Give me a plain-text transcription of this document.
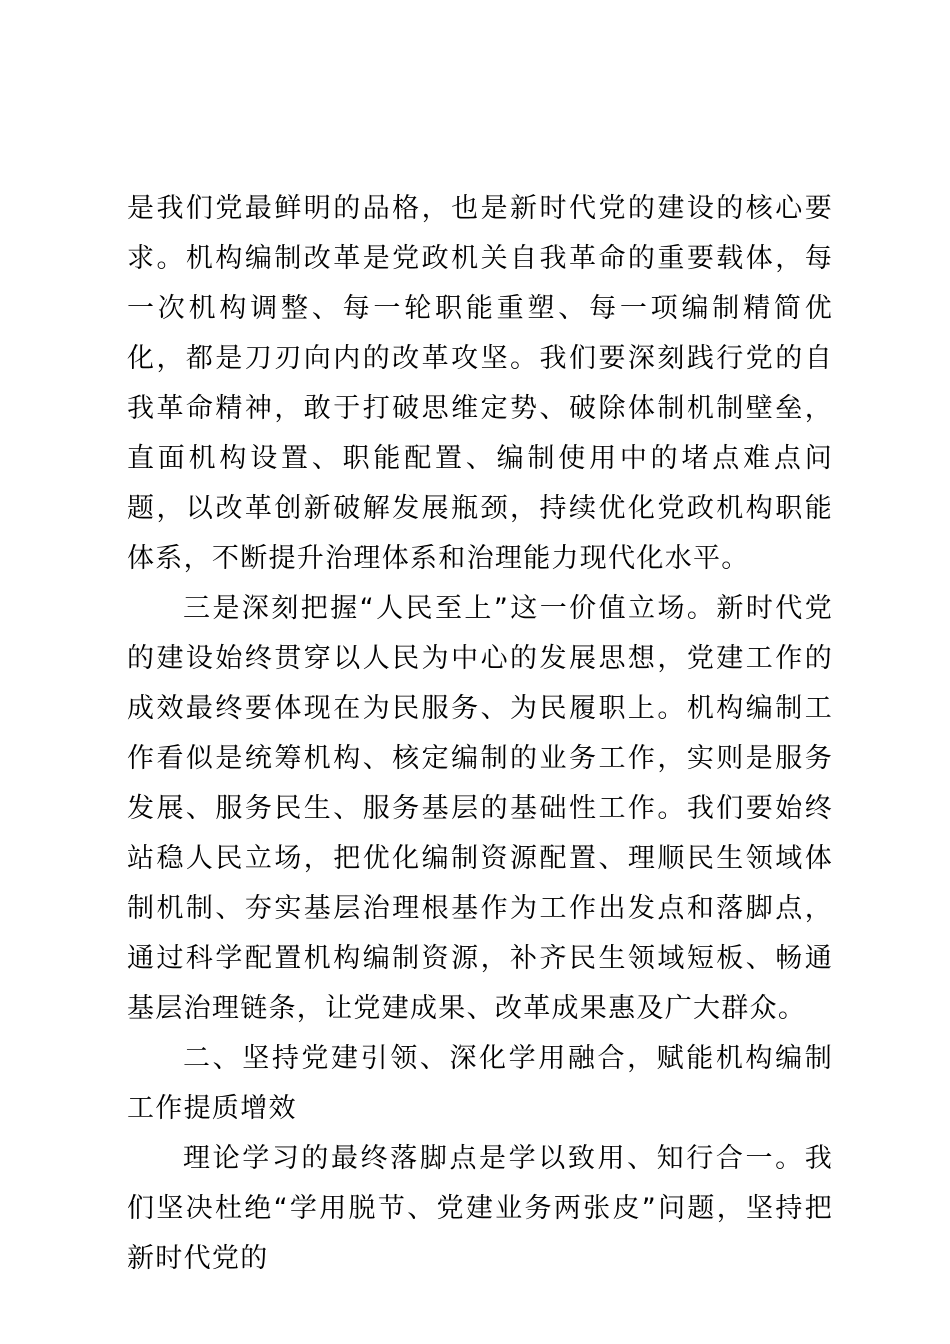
是我们党最鲜明的品格，也是新时代党的建设的核心要求。机构编制改革是党政机关自我革命的重要载体，每一次机构调整、每一轮职能重塑、每一项编制精简优化，都是刀刃向内的改革攻坚。我们要深刻践行党的自我革命精神，敢于打破思维定势、破除体制机制壁垒，直面机构设置、职能配置、编制使用中的堵点难点问题，以改革创新破解发展瓶颈，持续优化党政机构职能体系，不断提升治理体系和治理能力现代化水平。

三是深刻把握“人民至上”这一价值立场。新时代党的建设始终贯穿以人民为中心的发展思想，党建工作的成效最终要体现在为民服务、为民履职上。机构编制工作看似是统筹机构、核定编制的业务工作，实则是服务发展、服务民生、服务基层的基础性工作。我们要始终站稳人民立场，把优化编制资源配置、理顺民生领域体制机制、夯实基层治理根基作为工作出发点和落脚点，通过科学配置机构编制资源，补齐民生领域短板、畅通基层治理链条，让党建成果、改革成果惠及广大群众。

二、坚持党建引领、深化学用融合，赋能机构编制工作提质增效

理论学习的最终落脚点是学以致用、知行合一。我们坚决杜绝“学用脱节、党建业务两张皮”问题，坚持把新时代党的
